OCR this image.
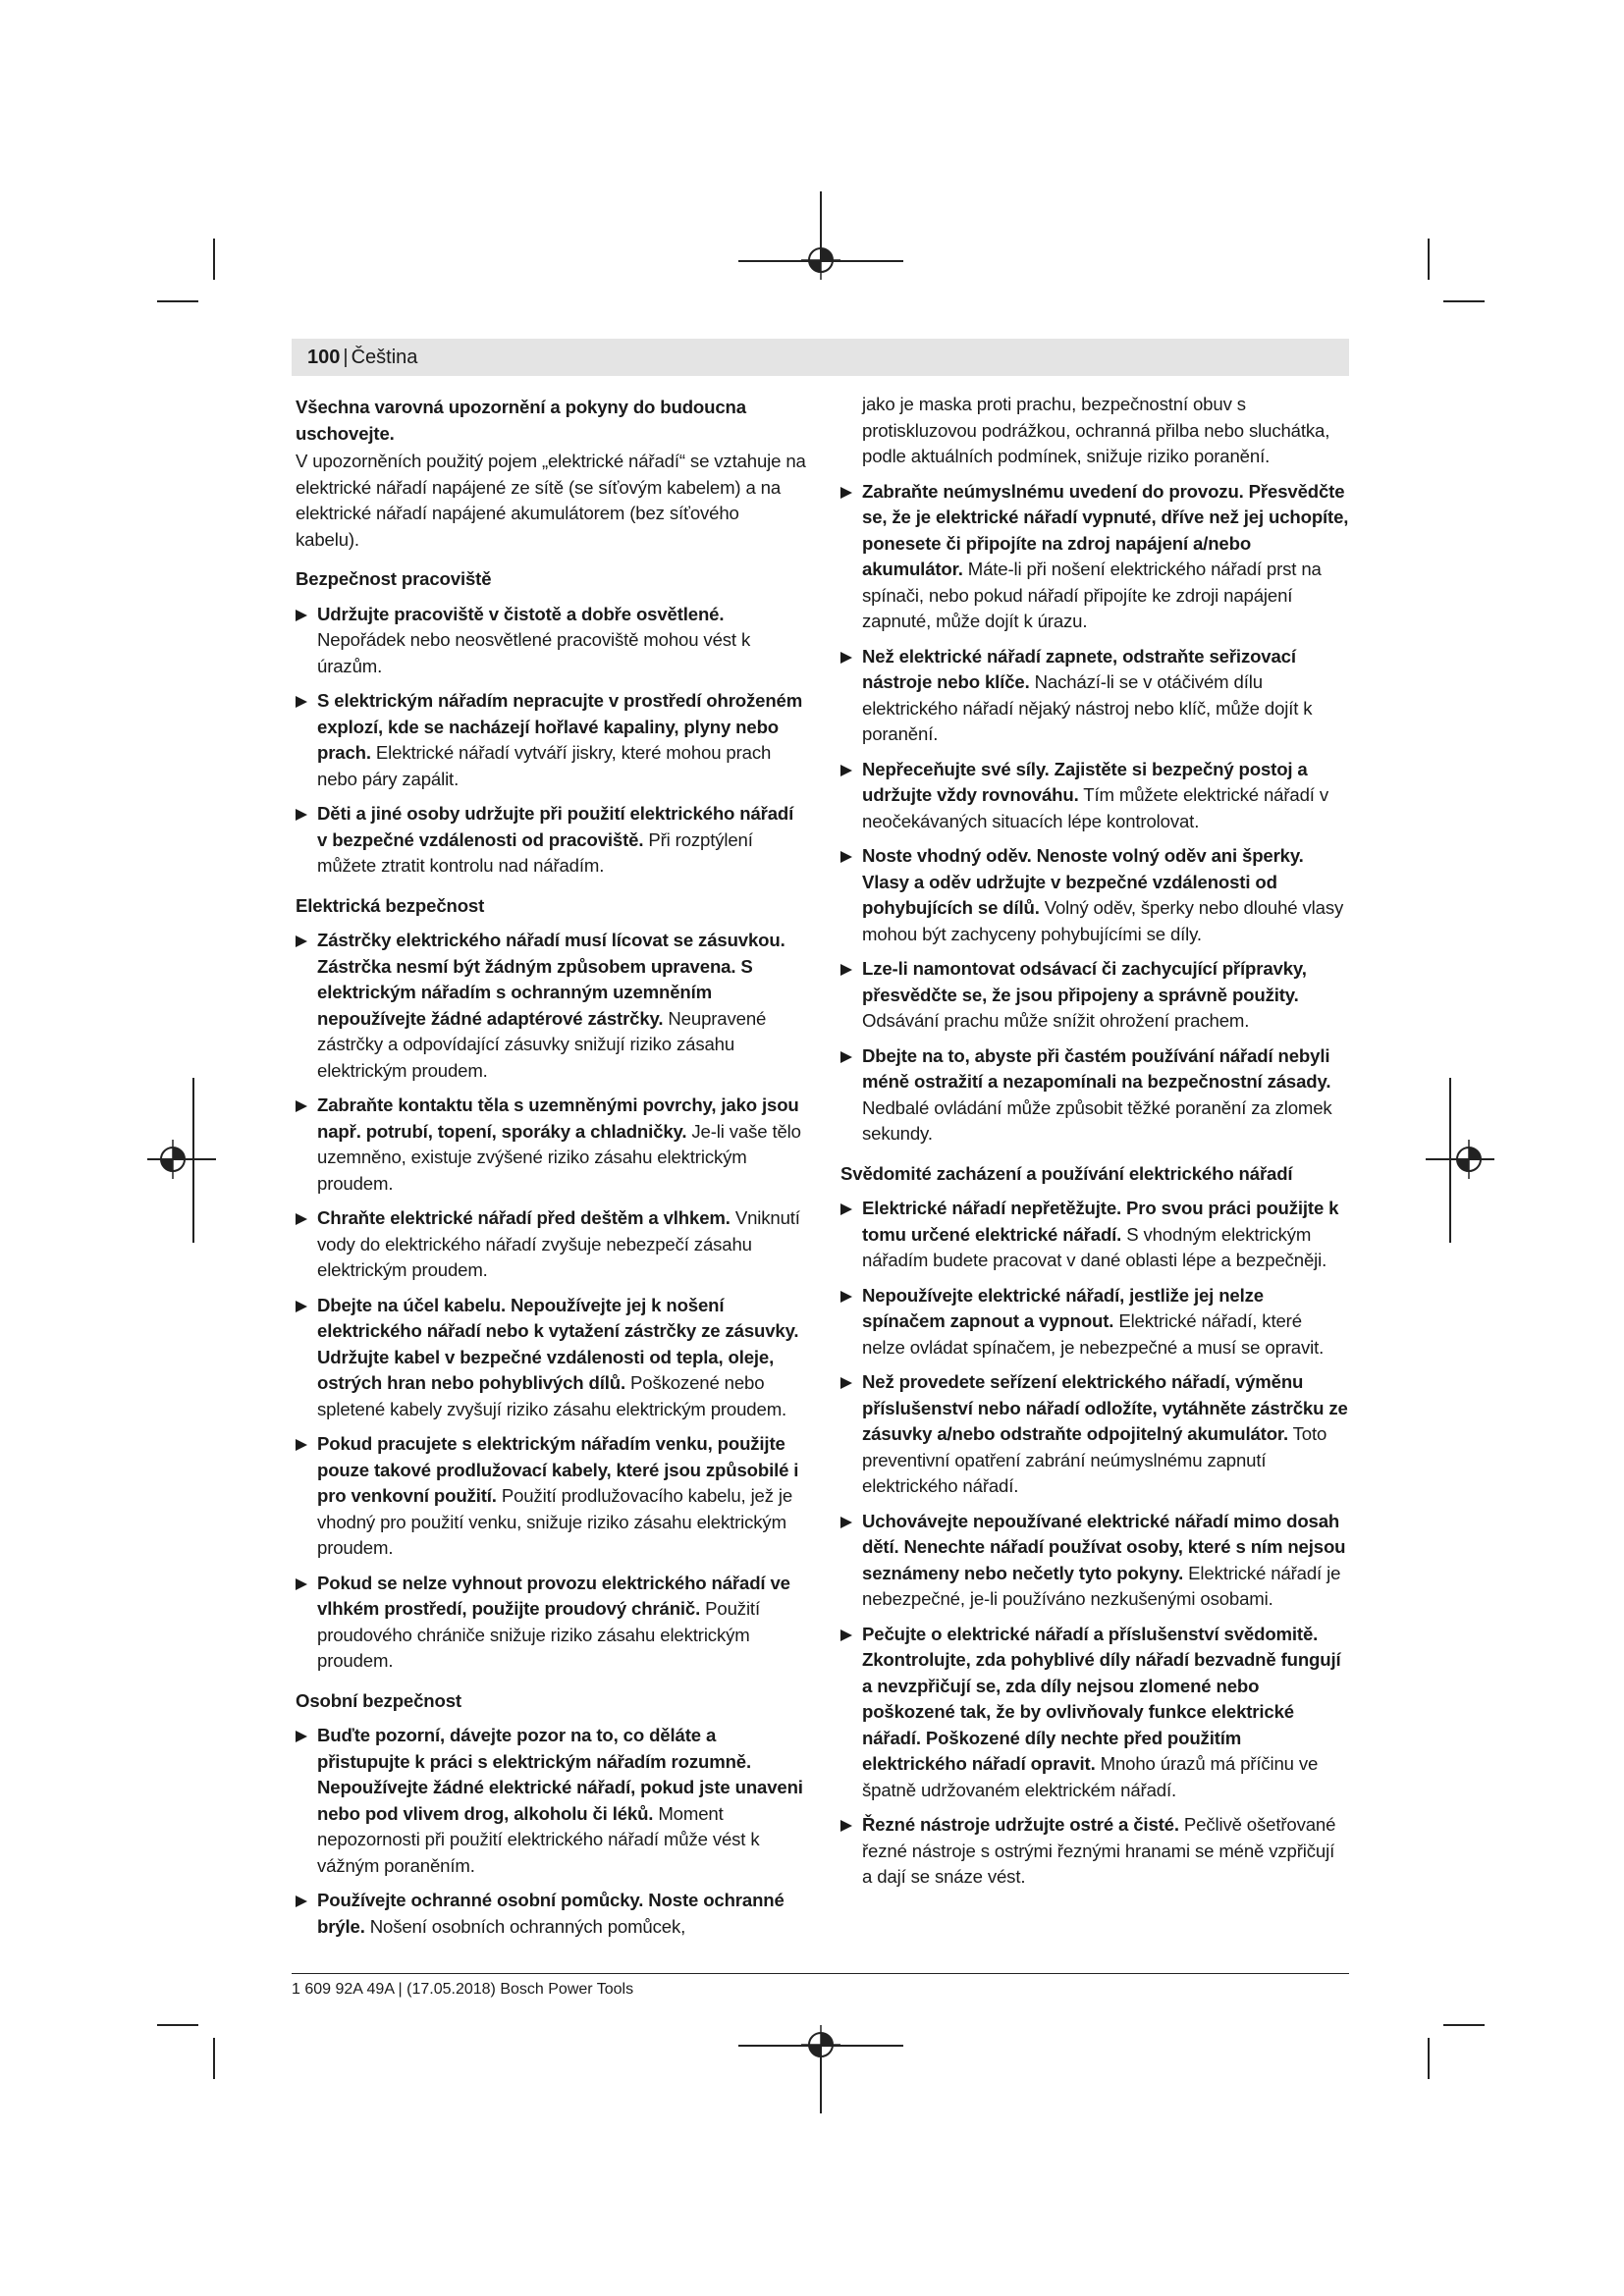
100 | Čeština
Všechna varovná upozornění a pokyny do budoucna uschovejte.

V upozorněních použitý pojem „elektrické nářadí“ se vztahuje na elektrické nářadí napájené ze sítě (se síťovým kabelem) a na elektrické nářadí napájené akumulátorem (bez síťového kabelu).

Bezpečnost pracoviště

Udržujte pracoviště v čistotě a dobře osvětlené. Nepořádek nebo neosvětlené pracoviště mohou vést k úrazům.
S elektrickým nářadím nepracujte v prostředí ohroženém explozí, kde se nacházejí hořlavé kapaliny, plyny nebo prach. Elektrické nářadí vytváří jiskry, které mohou prach nebo páry zapálit.
Děti a jiné osoby udržujte při použití elektrického nářadí v bezpečné vzdálenosti od pracoviště. Při rozptýlení můžete ztratit kontrolu nad nářadím.

Elektrická bezpečnost

Zástrčky elektrického nářadí musí lícovat se zásuvkou. Zástrčka nesmí být žádným způsobem upravena. S elektrickým nářadím s ochranným uzemněním nepoužívejte žádné adaptérové zástrčky. Neupravené zástrčky a odpovídající zásuvky snižují riziko zásahu elektrickým proudem.
Zabraňte kontaktu těla s uzemněnými povrchy, jako jsou např. potrubí, topení, sporáky a chladničky. Je-li vaše tělo uzemněno, existuje zvýšené riziko zásahu elektrickým proudem.
Chraňte elektrické nářadí před deštěm a vlhkem. Vniknutí vody do elektrického nářadí zvyšuje nebezpečí zásahu elektrickým proudem.
Dbejte na účel kabelu. Nepoužívejte jej k nošení elektrického nářadí nebo k vytažení zástrčky ze zásuvky. Udržujte kabel v bezpečné vzdálenosti od tepla, oleje, ostrých hran nebo pohyblivých dílů. Poškozené nebo spletené kabely zvyšují riziko zásahu elektrickým proudem.
Pokud pracujete s elektrickým nářadím venku, použijte pouze takové prodlužovací kabely, které jsou způsobilé i pro venkovní použití. Použití prodlužovacího kabelu, jež je vhodný pro použití venku, snižuje riziko zásahu elektrickým proudem.
Pokud se nelze vyhnout provozu elektrického nářadí ve vlhkém prostředí, použijte proudový chránič. Použití proudového chrániče snižuje riziko zásahu elektrickým proudem.

Osobní bezpečnost

Buďte pozorní, dávejte pozor na to, co děláte a přistupujte k práci s elektrickým nářadím rozumně. Nepoužívejte žádné elektrické nářadí, pokud jste unaveni nebo pod vlivem drog, alkoholu či léků. Moment nepozornosti při použití elektrického nářadí může vést k vážným poraněním.
Používejte ochranné osobní pomůcky. Noste ochranné brýle. Nošení osobních ochranných pomůcek,

jako je maska proti prachu, bezpečnostní obuv s protiskluzovou podrážkou, ochranná přilba nebo sluchátka, podle aktuálních podmínek, snižuje riziko poranění.

Zabraňte neúmyslnému uvedení do provozu. Přesvědčte se, že je elektrické nářadí vypnuté, dříve než jej uchopíte, ponesete či připojíte na zdroj napájení a/nebo akumulátor. Máte-li při nošení elektrického nářadí prst na spínači, nebo pokud nářadí připojíte ke zdroji napájení zapnuté, může dojít k úrazu.
Než elektrické nářadí zapnete, odstraňte seřizovací nástroje nebo klíče. Nachází-li se v otáčivém dílu elektrického nářadí nějaký nástroj nebo klíč, může dojít k poranění.
Nepřeceňujte své síly. Zajistěte si bezpečný postoj a udržujte vždy rovnováhu. Tím můžete elektrické nářadí v neočekávaných situacích lépe kontrolovat.
Noste vhodný oděv. Nenoste volný oděv ani šperky. Vlasy a oděv udržujte v bezpečné vzdálenosti od pohybujících se dílů. Volný oděv, šperky nebo dlouhé vlasy mohou být zachyceny pohybujícími se díly.
Lze-li namontovat odsávací či zachycující přípravky, přesvědčte se, že jsou připojeny a správně použity. Odsávání prachu může snížit ohrožení prachem.
Dbejte na to, abyste při častém používání nářadí nebyli méně ostražití a nezapomínali na bezpečnostní zásady. Nedbalé ovládání může způsobit těžké poranění za zlomek sekundy.

Svědomité zacházení a používání elektrického nářadí

Elektrické nářadí nepřetěžujte. Pro svou práci použijte k tomu určené elektrické nářadí. S vhodným elektrickým nářadím budete pracovat v dané oblasti lépe a bezpečněji.
Nepoužívejte elektrické nářadí, jestliže jej nelze spínačem zapnout a vypnout. Elektrické nářadí, které nelze ovládat spínačem, je nebezpečné a musí se opravit.
Než provedete seřízení elektrického nářadí, výměnu příslušenství nebo nářadí odložíte, vytáhněte zástrčku ze zásuvky a/nebo odstraňte odpojitelný akumulátor. Toto preventivní opatření zabrání neúmyslnému zapnutí elektrického nářadí.
Uchovávejte nepoužívané elektrické nářadí mimo dosah dětí. Nenechte nářadí používat osoby, které s ním nejsou seznámeny nebo nečetly tyto pokyny. Elektrické nářadí je nebezpečné, je-li používáno nezkušenými osobami.
Pečujte o elektrické nářadí a příslušenství svědomitě. Zkontrolujte, zda pohyblivé díly nářadí bezvadně fungují a nevzpřičují se, zda díly nejsou zlomené nebo poškozené tak, že by ovlivňovaly funkce elektrické nářadí. Poškozené díly nechte před použitím elektrického nářadí opravit. Mnoho úrazů má příčinu ve špatně udržovaném elektrickém nářadí.
Řezné nástroje udržujte ostré a čisté. Pečlivě ošetřované řezné nástroje s ostrými řeznými hranami se méně vzpřičují a dají se snáze vést.
1 609 92A 49A | (17.05.2018) Bosch Power Tools
